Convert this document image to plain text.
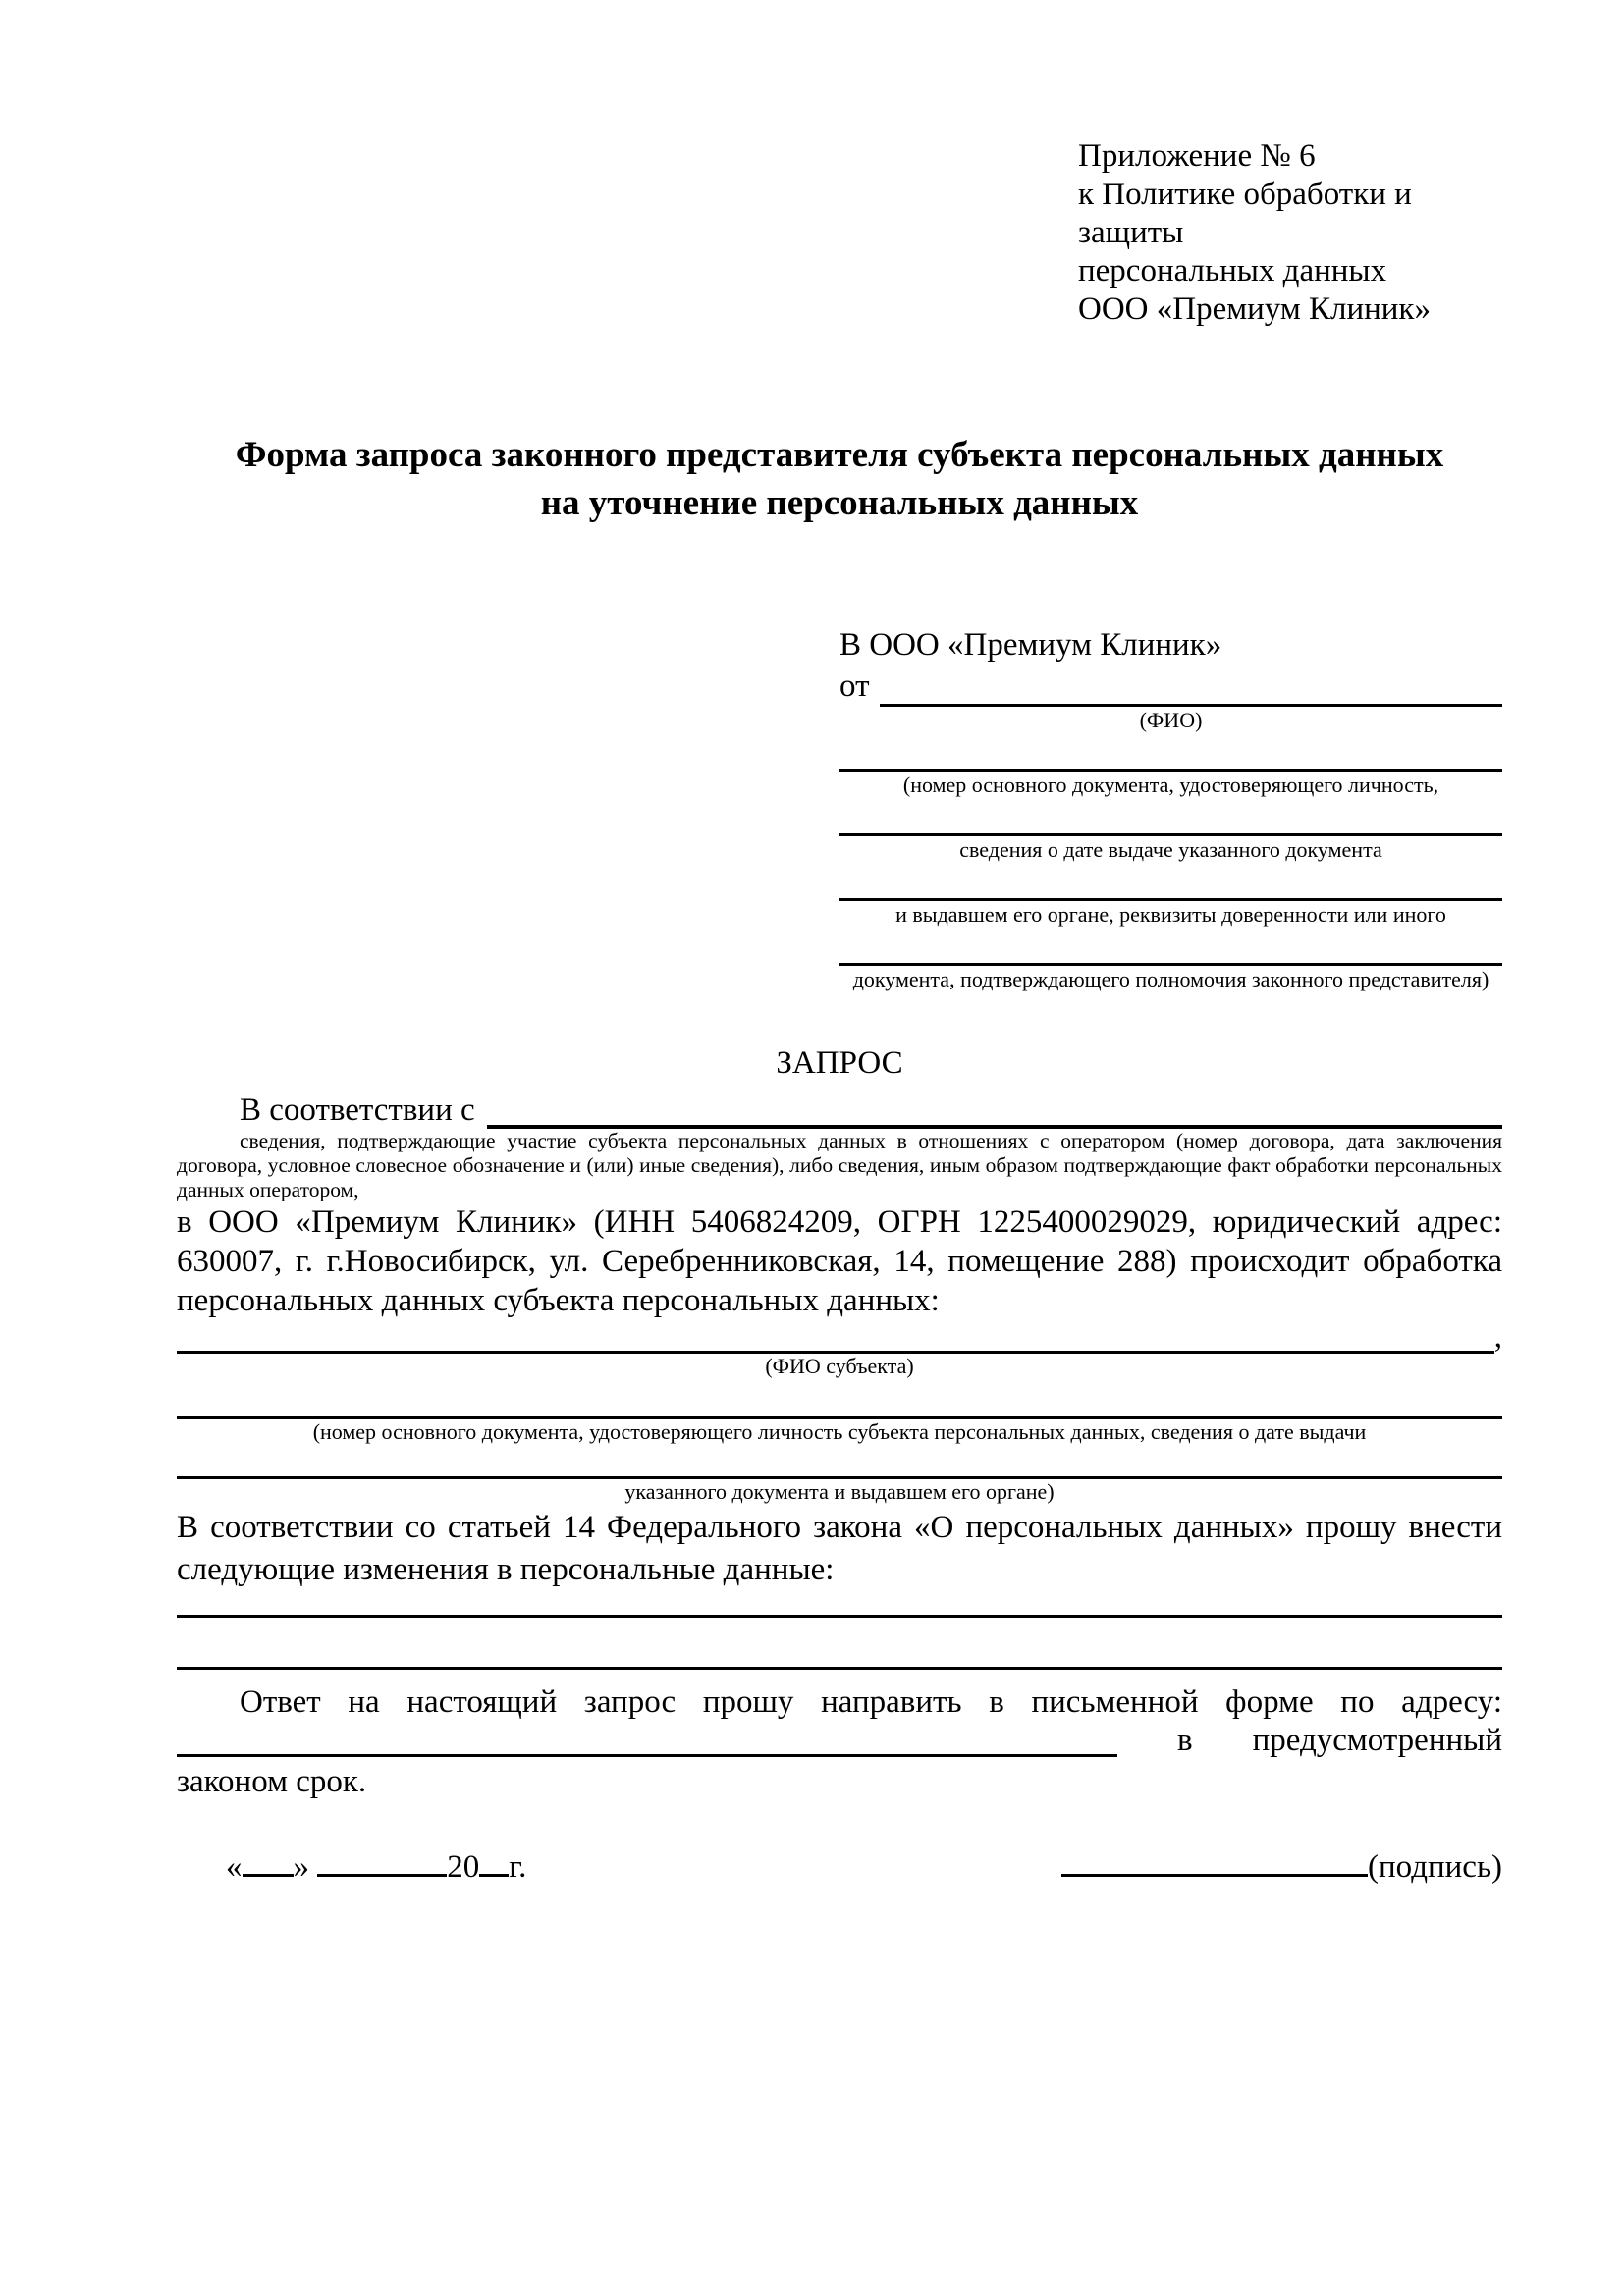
Приложение № 6
к Политике обработки и защиты
персональных данных
ООО «Премиум Клиник»
Форма запроса законного представителя субъекта персональных данных
на уточнение персональных данных
В ООО «Премиум Клиник»
от
(ФИО)
(номер основного документа, удостоверяющего личность,
сведения о дате выдаче указанного документа
и выдавшем его органе, реквизиты доверенности или иного
документа, подтверждающего полномочия законного представителя)
ЗАПРОС
В соответствии с
сведения, подтверждающие участие субъекта персональных данных в отношениях с оператором (номер договора, дата заключения договора, условное словесное обозначение и (или) иные сведения), либо сведения, иным образом подтверждающие факт обработки персональных данных оператором,

в ООО «Премиум Клиник» (ИНН 5406824209, ОГРН 1225400029029, юридический адрес: 630007, г. г.Новосибирск, ул. Серебренниковская, 14, помещение 288) происходит обработка персональных данных субъекта персональных данных:

,
(ФИО субъекта)
(номер основного документа, удостоверяющего личность субъекта персональных данных, сведения о дате выдачи
указанного документа и выдавшем его органе)

В соответствии со статьей 14 Федерального закона «О персональных данных» прошу внести следующие изменения в персональные данные:

Ответ на настоящий запрос прошу направить в письменной форме по адресу:

в предусмотренный
законом срок.
« »	20 г.	(подпись)
